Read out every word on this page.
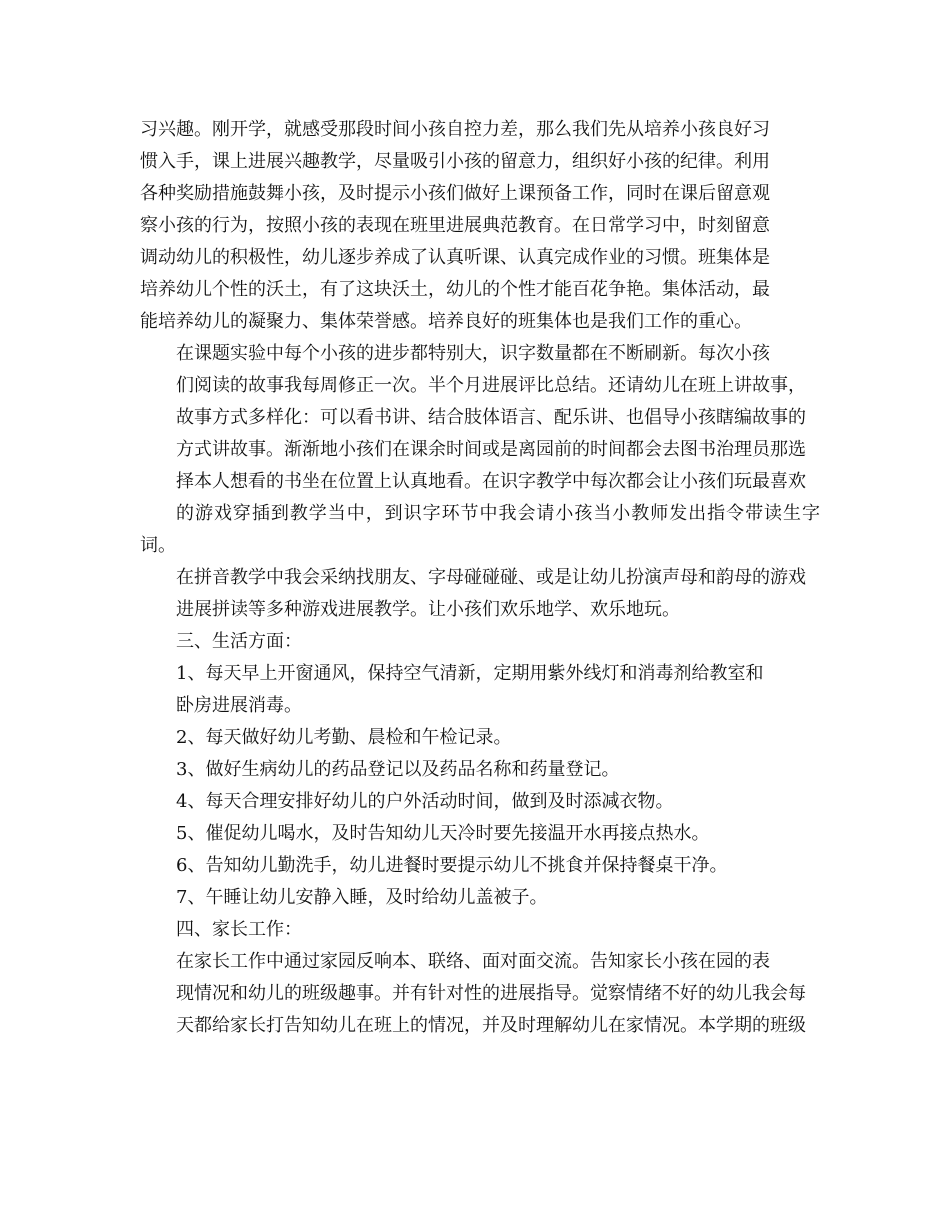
习兴趣。刚开学，就感受那段时间小孩自控力差，那么我们先从培养小孩良好习
惯入手，课上进展兴趣教学，尽量吸引小孩的留意力，组织好小孩的纪律。利用
各种奖励措施鼓舞小孩，及时提示小孩们做好上课预备工作，同时在课后留意观
察小孩的行为，按照小孩的表现在班里进展典范教育。在日常学习中，时刻留意
调动幼儿的积极性，幼儿逐步养成了认真听课、认真完成作业的习惯。班集体是
培养幼儿个性的沃土，有了这块沃土，幼儿的个性才能百花争艳。集体活动，最
能培养幼儿的凝聚力、集体荣誉感。培养良好的班集体也是我们工作的重心。

在课题实验中每个小孩的进步都特别大，识字数量都在不断刷新。每次小孩
们阅读的故事我每周修正一次。半个月进展评比总结。还请幼儿在班上讲故事，
故事方式多样化：可以看书讲、结合肢体语言、配乐讲、也倡导小孩瞎编故事的
方式讲故事。渐渐地小孩们在课余时间或是离园前的时间都会去图书治理员那选
择本人想看的书坐在位置上认真地看。在识字教学中每次都会让小孩们玩最喜欢
的游戏穿插到教学当中，到识字环节中我会请小孩当小教师发出指令带读生字词。
在拼音教学中我会采纳找朋友、字母碰碰碰、或是让幼儿扮演声母和韵母的游戏
进展拼读等多种游戏进展教学。让小孩们欢乐地学、欢乐地玩。

三、生活方面：

1、每天早上开窗通风，保持空气清新，定期用紫外线灯和消毒剂给教室和
卧房进展消毒。

2、每天做好幼儿考勤、晨检和午检记录。

3、做好生病幼儿的药品登记以及药品名称和药量登记。

4、每天合理安排好幼儿的户外活动时间，做到及时添减衣物。

5、催促幼儿喝水，及时告知幼儿天冷时要先接温开水再接点热水。

6、告知幼儿勤洗手，幼儿进餐时要提示幼儿不挑食并保持餐桌干净。

7、午睡让幼儿安静入睡，及时给幼儿盖被子。

四、家长工作：

在家长工作中通过家园反响本、联络、面对面交流。告知家长小孩在园的表
现情况和幼儿的班级趣事。并有针对性的进展指导。觉察情绪不好的幼儿我会每
天都给家长打告知幼儿在班上的情况，并及时理解幼儿在家情况。本学期的班级
